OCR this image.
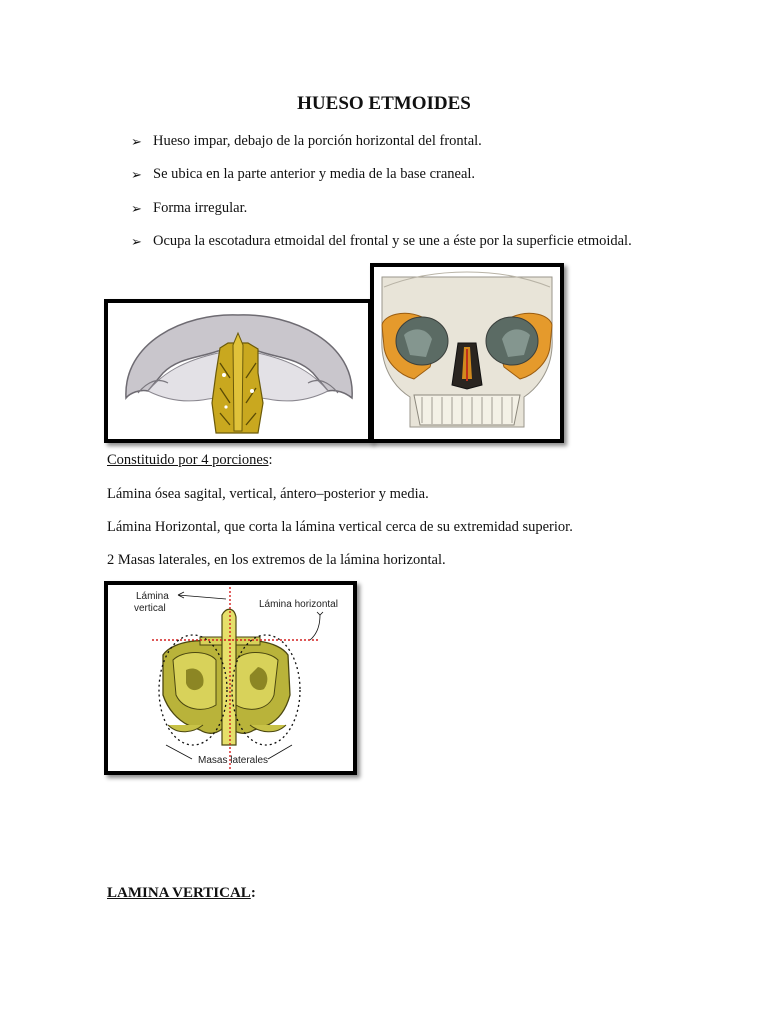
HUESO ETMOIDES
➢ Hueso impar, debajo de la porción horizontal del frontal.
➢ Se ubica en la parte anterior y media de la base craneal.
➢ Forma irregular.
➢ Ocupa la escotadura etmoidal del frontal y se une a éste por la superficie etmoidal.
Constituido por 4 porciones:
Lámina ósea sagital, vertical, ántero–posterior y media.
Lámina Horizontal, que corta la lámina vertical cerca de su extremidad superior.
2 Masas laterales, en los extremos de la lámina horizontal.
Lámina
vertical	Lámina horizontal
Masas laterales
LAMINA VERTICAL:
